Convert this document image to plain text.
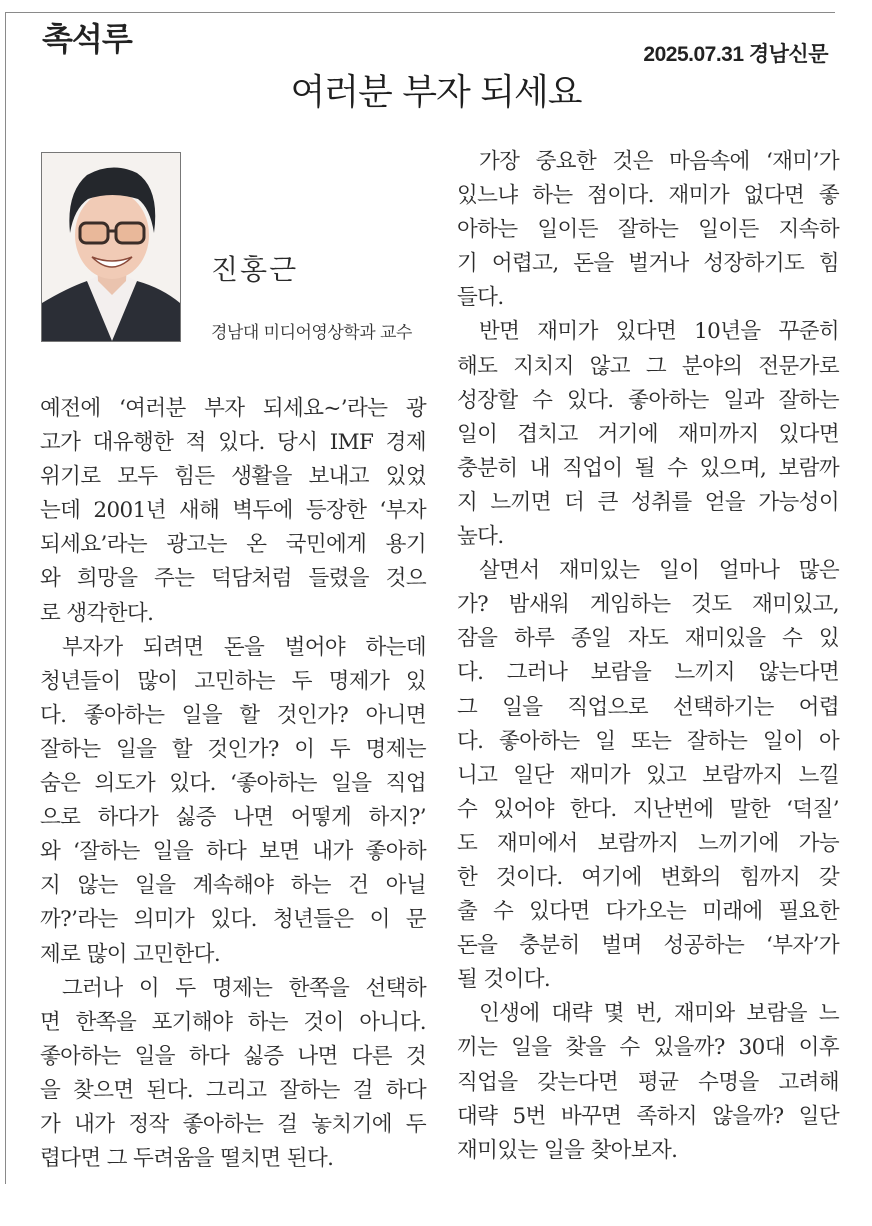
촉석루	2025.07.31 경남신문
여러분 부자 되세요
진홍근
경남대 미디어영상학과 교수
예전에 ‘여러분 부자 되세요~’라는 광
고가 대유행한 적 있다. 당시 IMF 경제
위기로 모두 힘든 생활을 보내고 있었
는데 2001년 새해 벽두에 등장한 ‘부자
되세요’라는 광고는 온 국민에게 용기
와 희망을 주는 덕담처럼 들렸을 것으
로 생각한다.
부자가 되려면 돈을 벌어야 하는데
청년들이 많이 고민하는 두 명제가 있
다. 좋아하는 일을 할 것인가? 아니면
잘하는 일을 할 것인가? 이 두 명제는
숨은 의도가 있다. ‘좋아하는 일을 직업
으로 하다가 싫증 나면 어떻게 하지?’
와 ‘잘하는 일을 하다 보면 내가 좋아하
지 않는 일을 계속해야 하는 건 아닐
까?’라는 의미가 있다. 청년들은 이 문
제로 많이 고민한다.
그러나 이 두 명제는 한쪽을 선택하
면 한쪽을 포기해야 하는 것이 아니다.
좋아하는 일을 하다 싫증 나면 다른 것
을 찾으면 된다. 그리고 잘하는 걸 하다
가 내가 정작 좋아하는 걸 놓치기에 두
렵다면 그 두려움을 떨치면 된다.
가장 중요한 것은 마음속에 ‘재미’가
있느냐 하는 점이다. 재미가 없다면 좋
아하는 일이든 잘하는 일이든 지속하
기 어렵고, 돈을 벌거나 성장하기도 힘
들다.
반면 재미가 있다면 10년을 꾸준히
해도 지치지 않고 그 분야의 전문가로
성장할 수 있다. 좋아하는 일과 잘하는
일이 겹치고 거기에 재미까지 있다면
충분히 내 직업이 될 수 있으며, 보람까
지 느끼면 더 큰 성취를 얻을 가능성이
높다.
살면서 재미있는 일이 얼마나 많은
가? 밤새워 게임하는 것도 재미있고,
잠을 하루 종일 자도 재미있을 수 있
다. 그러나 보람을 느끼지 않는다면
그 일을 직업으로 선택하기는 어렵
다. 좋아하는 일 또는 잘하는 일이 아
니고 일단 재미가 있고 보람까지 느낄
수 있어야 한다. 지난번에 말한 ‘덕질’
도 재미에서 보람까지 느끼기에 가능
한 것이다. 여기에 변화의 힘까지 갖
출 수 있다면 다가오는 미래에 필요한
돈을 충분히 벌며 성공하는 ‘부자’가
될 것이다.
인생에 대략 몇 번, 재미와 보람을 느
끼는 일을 찾을 수 있을까? 30대 이후
직업을 갖는다면 평균 수명을 고려해
대략 5번 바꾸면 족하지 않을까? 일단
재미있는 일을 찾아보자.
